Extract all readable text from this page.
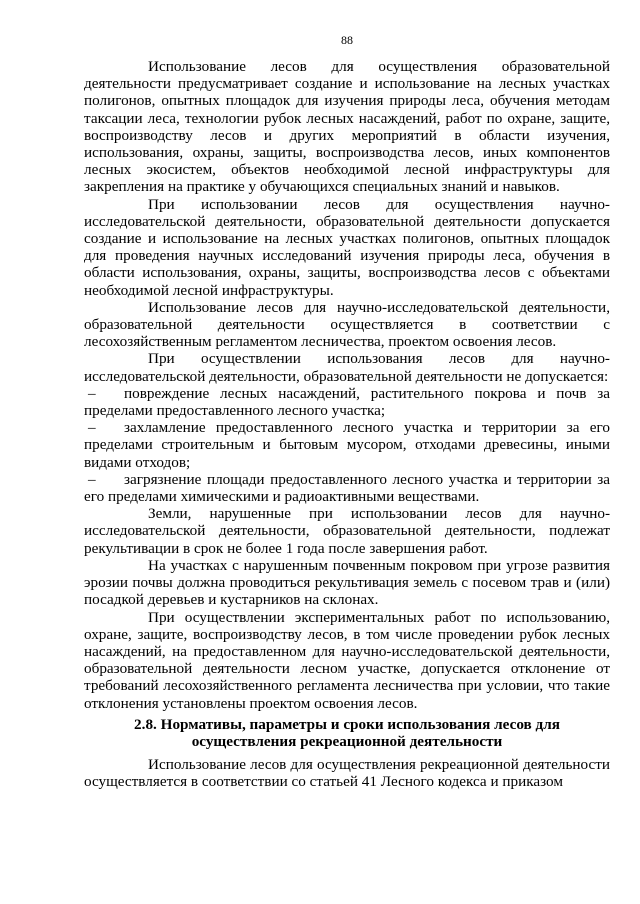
88

Использование лесов для осуществления образовательной деятельности предусматривает создание и использование на лесных участках полигонов, опытных площадок для изучения природы леса, обучения методам таксации леса, технологии рубок лесных насаждений, работ по охране, защите, воспроизводству лесов и других мероприятий в области изучения, использования, охраны, защиты, воспроизводства лесов, иных компонентов лесных экосистем, объектов необходимой лесной инфраструктуры для закрепления на практике у обучающихся специальных знаний и навыков.

При использовании лесов для осуществления научно-исследовательской деятельности, образовательной деятельности допускается создание и использование на лесных участках полигонов, опытных площадок для проведения научных исследований изучения природы леса, обучения в области использования, охраны, защиты, воспроизводства лесов с объектами необходимой лесной инфраструктуры.

Использование лесов для научно-исследовательской деятельности, образовательной деятельности осуществляется в соответствии с лесохозяйственным регламентом лесничества, проектом освоения лесов.

При осуществлении использования лесов для научно-исследовательской деятельности, образовательной деятельности не допускается:

– повреждение лесных насаждений, растительного покрова и почв за пределами предоставленного лесного участка;

– захламление предоставленного лесного участка и территории за его пределами строительным и бытовым мусором, отходами древесины, иными видами отходов;

– загрязнение площади предоставленного лесного участка и территории за его пределами химическими и радиоактивными веществами.

Земли, нарушенные при использовании лесов для научно-исследовательской деятельности, образовательной деятельности, подлежат рекультивации в срок не более 1 года после завершения работ.

На участках с нарушенным почвенным покровом при угрозе развития эрозии почвы должна проводиться рекультивация земель с посевом трав и (или) посадкой деревьев и кустарников на склонах.

При осуществлении экспериментальных работ по использованию, охране, защите, воспроизводству лесов, в том числе проведении рубок лесных насаждений, на предоставленном для научно-исследовательской деятельности, образовательной деятельности лесном участке, допускается отклонение от требований лесохозяйственного регламента лесничества при условии, что такие отклонения установлены проектом освоения лесов.

2.8. Нормативы, параметры и сроки использования лесов для
осуществления рекреационной деятельности

Использование лесов для осуществления рекреационной деятельности осуществляется в соответствии со статьей 41 Лесного кодекса и приказом
